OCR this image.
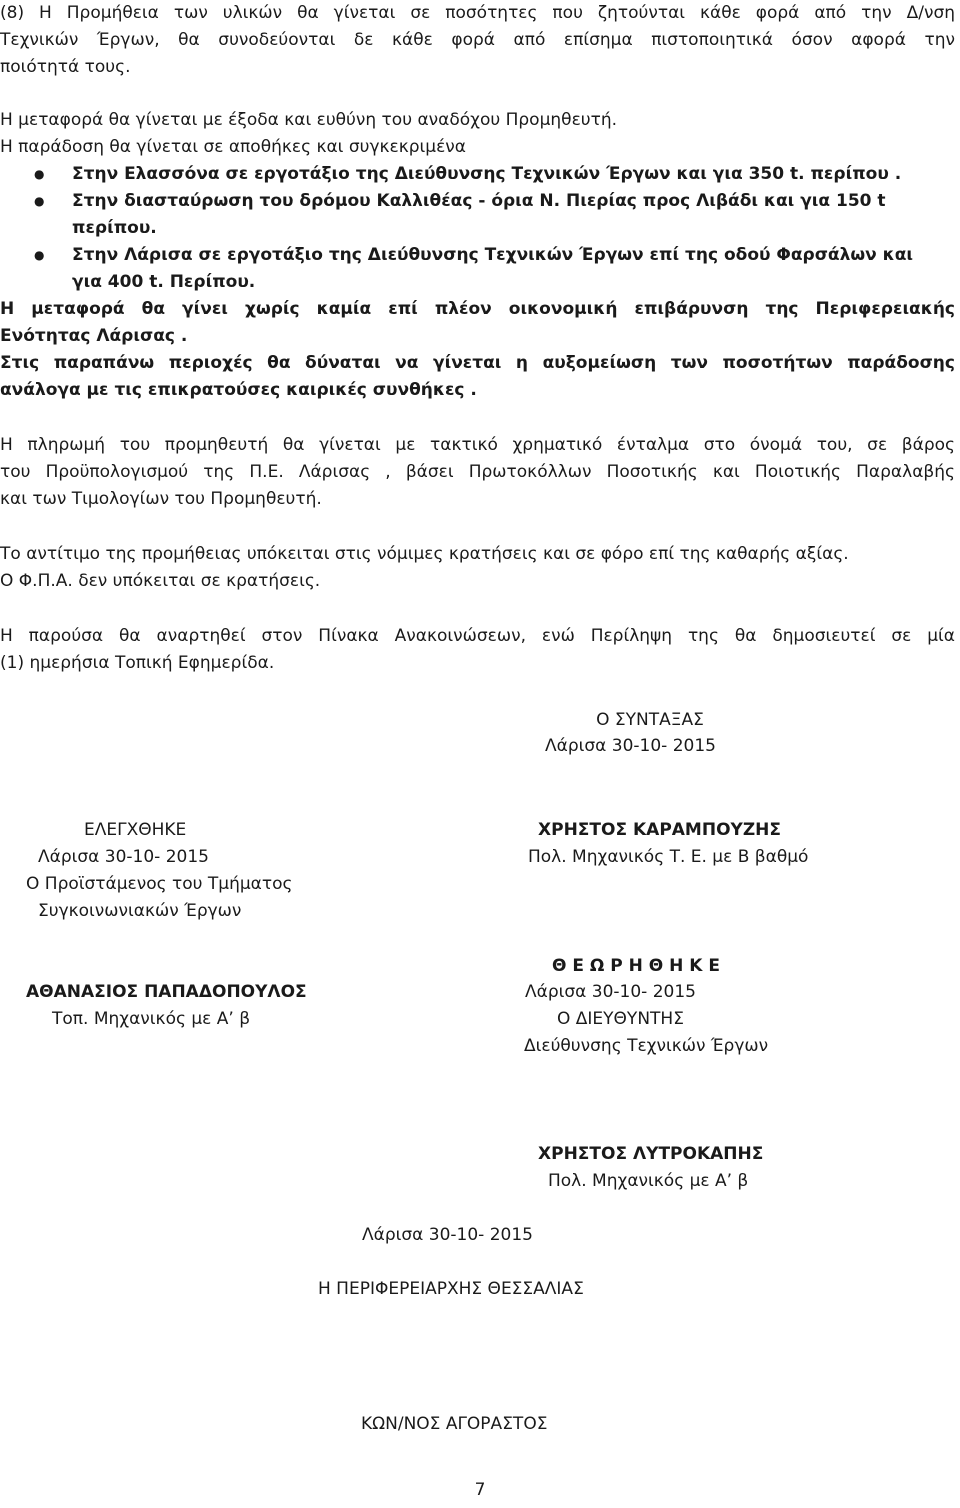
(8) Η Προμήθεια των υλικών θα γίνεται σε ποσότητες που ζητούνται κάθε φορά από την Δ/νση
Τεχνικών Έργων, θα συνοδεύονται δε κάθε φορά από επίσημα πιστοποιητικά όσον αφορά την
ποιότητά τους.
Η μεταφορά θα γίνεται με έξοδα και ευθύνη του αναδόχου Προμηθευτή.
Η παράδοση θα γίνεται σε αποθήκες και συγκεκριμένα
● Στην Ελασσόνα σε εργοτάξιο της Διεύθυνσης Τεχνικών Έργων και για 350 t. περίπου .
● Στην διασταύρωση του δρόμου Καλλιθέας - όρια Ν. Πιερίας προς Λιβάδι και για 150 t
περίπου.
● Στην Λάρισα σε εργοτάξιο της Διεύθυνσης Τεχνικών Έργων επί της οδού Φαρσάλων και
για 400 t. Περίπου.
Η μεταφορά θα γίνει χωρίς καμία επί πλέον οικονομική επιβάρυνση της Περιφερειακής
Ενότητας Λάρισας .
Στις παραπάνω περιοχές θα δύναται να γίνεται η αυξομείωση των ποσοτήτων παράδοσης
ανάλογα με τις επικρατούσες καιρικές συνθήκες .
Η πληρωμή του προμηθευτή θα γίνεται με τακτικό χρηματικό ένταλμα στο όνομά του, σε βάρος
του Προϋπολογισμού της Π.Ε. Λάρισας , βάσει Πρωτοκόλλων Ποσοτικής και Ποιοτικής Παραλαβής
και των Τιμολογίων του Προμηθευτή.
Το αντίτιμο της προμήθειας υπόκειται στις νόμιμες κρατήσεις και σε φόρο επί της καθαρής αξίας.
Ο Φ.Π.Α. δεν υπόκειται σε κρατήσεις.
Η παρούσα θα αναρτηθεί στον Πίνακα Ανακοινώσεων, ενώ Περίληψη της θα δημοσιευτεί σε μία
(1) ημερήσια Τοπική Εφημερίδα.
Ο ΣΥΝΤΑΞΑΣ
Λάρισα 30-10- 2015
ΕΛΕΓΧΘΗΚΕ
Λάρισα 30-10- 2015
Ο Προϊστάμενος του Τμήματος
Συγκοινωνιακών Έργων
ΑΘΑΝΑΣΙΟΣ ΠΑΠΑΔΟΠΟΥΛΟΣ
Τοπ. Μηχανικός με Α’ β
ΧΡΗΣΤΟΣ ΚΑΡΑΜΠΟΥΖΗΣ
Πολ. Μηχανικός Τ. Ε. με Β βαθμό
Θ Ε Ω Ρ Η Θ Η Κ Ε
Λάρισα 30-10- 2015
Ο ΔΙΕΥΘΥΝΤΗΣ
Διεύθυνσης Τεχνικών Έργων
ΧΡΗΣΤΟΣ ΛΥΤΡΟΚΑΠΗΣ
Πολ. Μηχανικός με Α’ β
Λάρισα 30-10- 2015
Η ΠΕΡΙΦΕΡΕΙΑΡΧΗΣ ΘΕΣΣΑΛΙΑΣ
ΚΩΝ/ΝΟΣ ΑΓΟΡΑΣΤΟΣ
7
